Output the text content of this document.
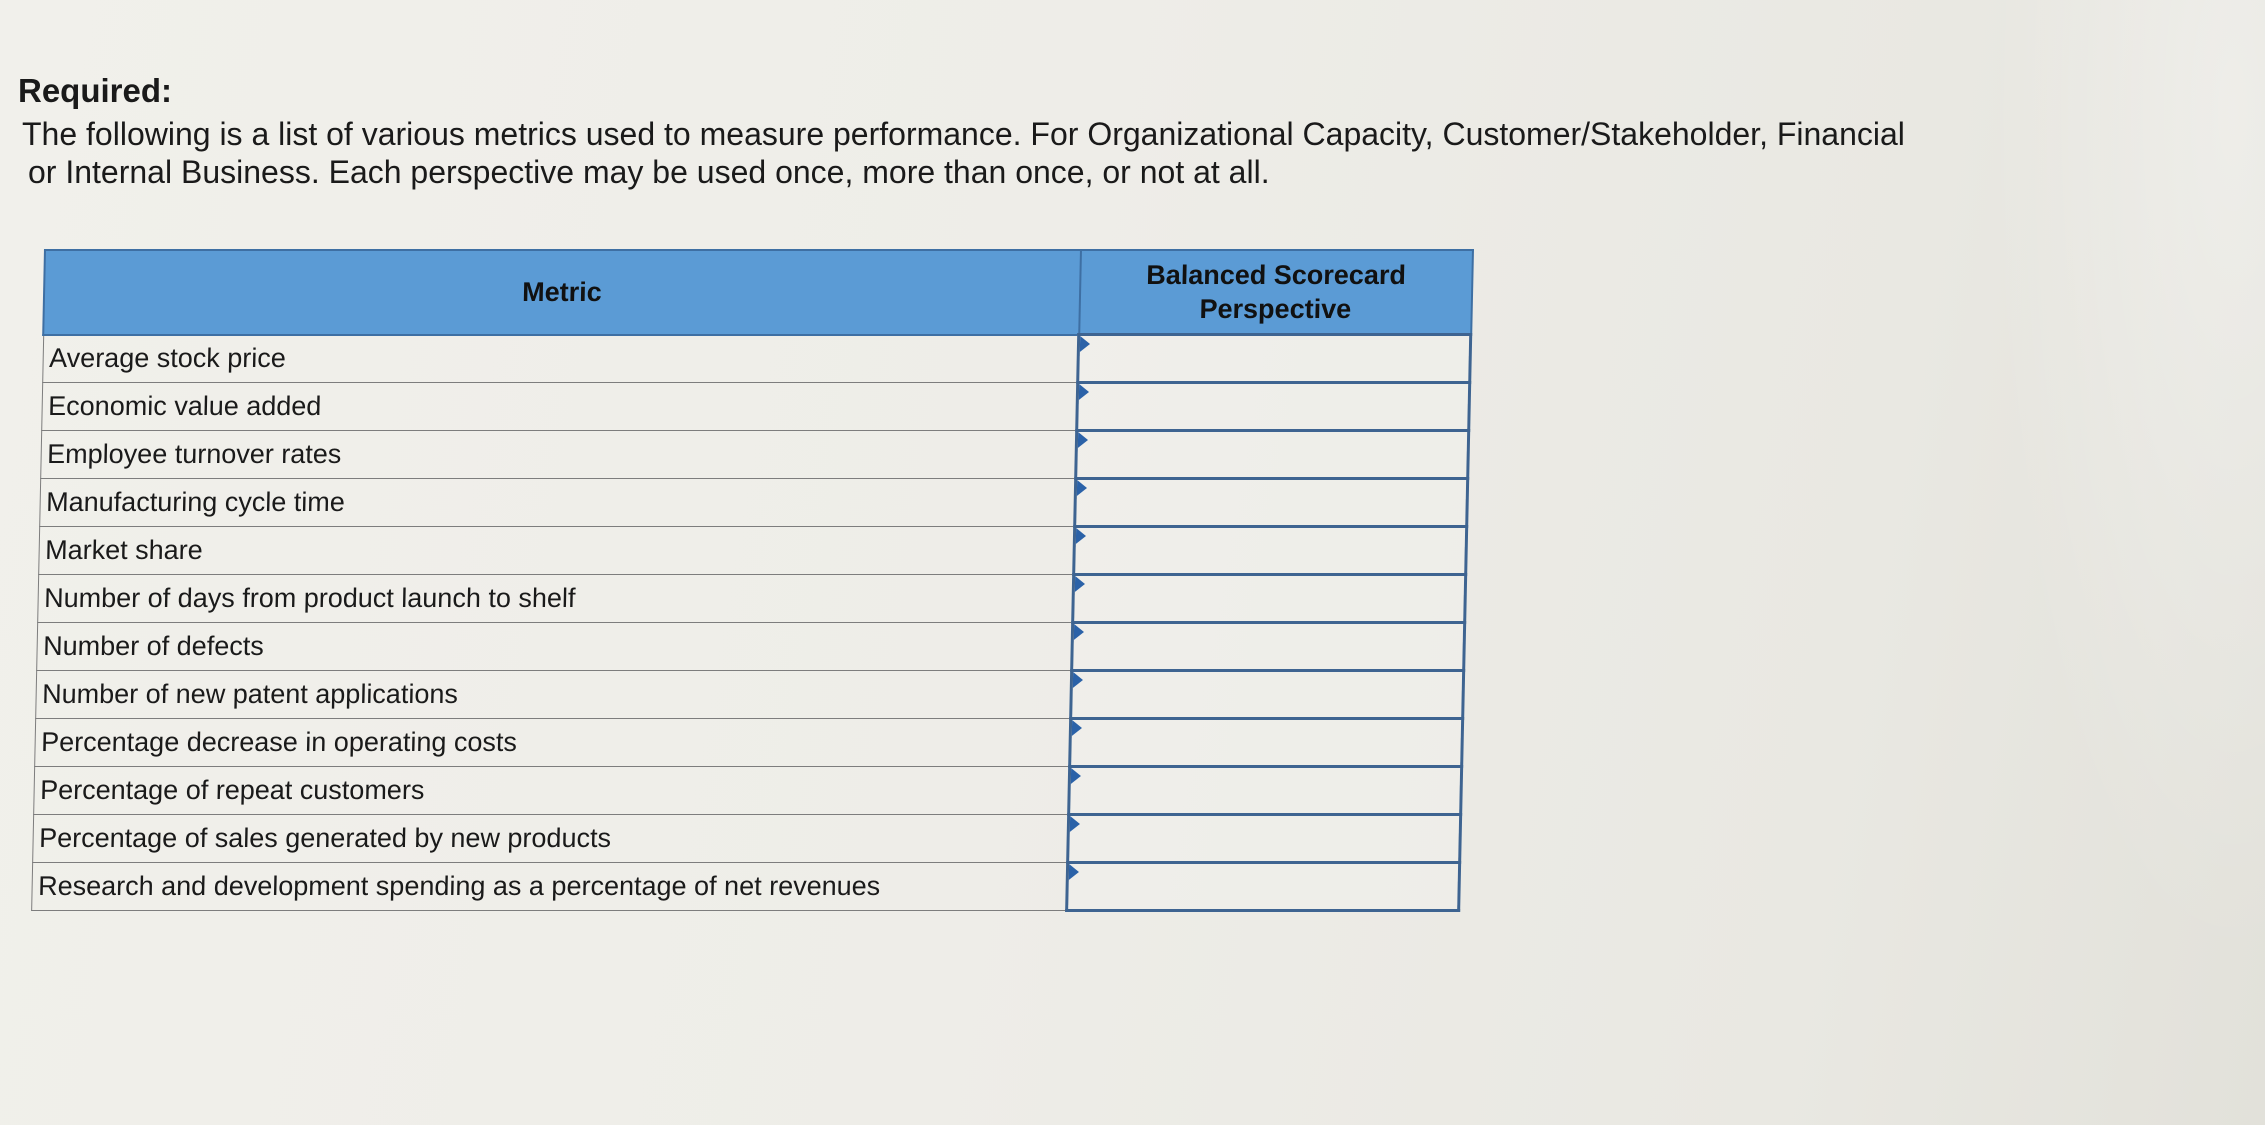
Required:

The following is a list of various metrics used to measure performance. For Organizational Capacity, Customer/Stakeholder, Financial
or Internal Business. Each perspective may be used once, more than once, or not at all.

Metric	Balanced Scorecard
Perspective
Average stock price	

Economic value added	

Employee turnover rates	

Manufacturing cycle time	

Market share	

Number of days from product launch to shelf	

Number of defects	

Number of new patent applications	

Percentage decrease in operating costs	

Percentage of repeat customers	

Percentage of sales generated by new products	

Research and development spending as a percentage of net revenues	
